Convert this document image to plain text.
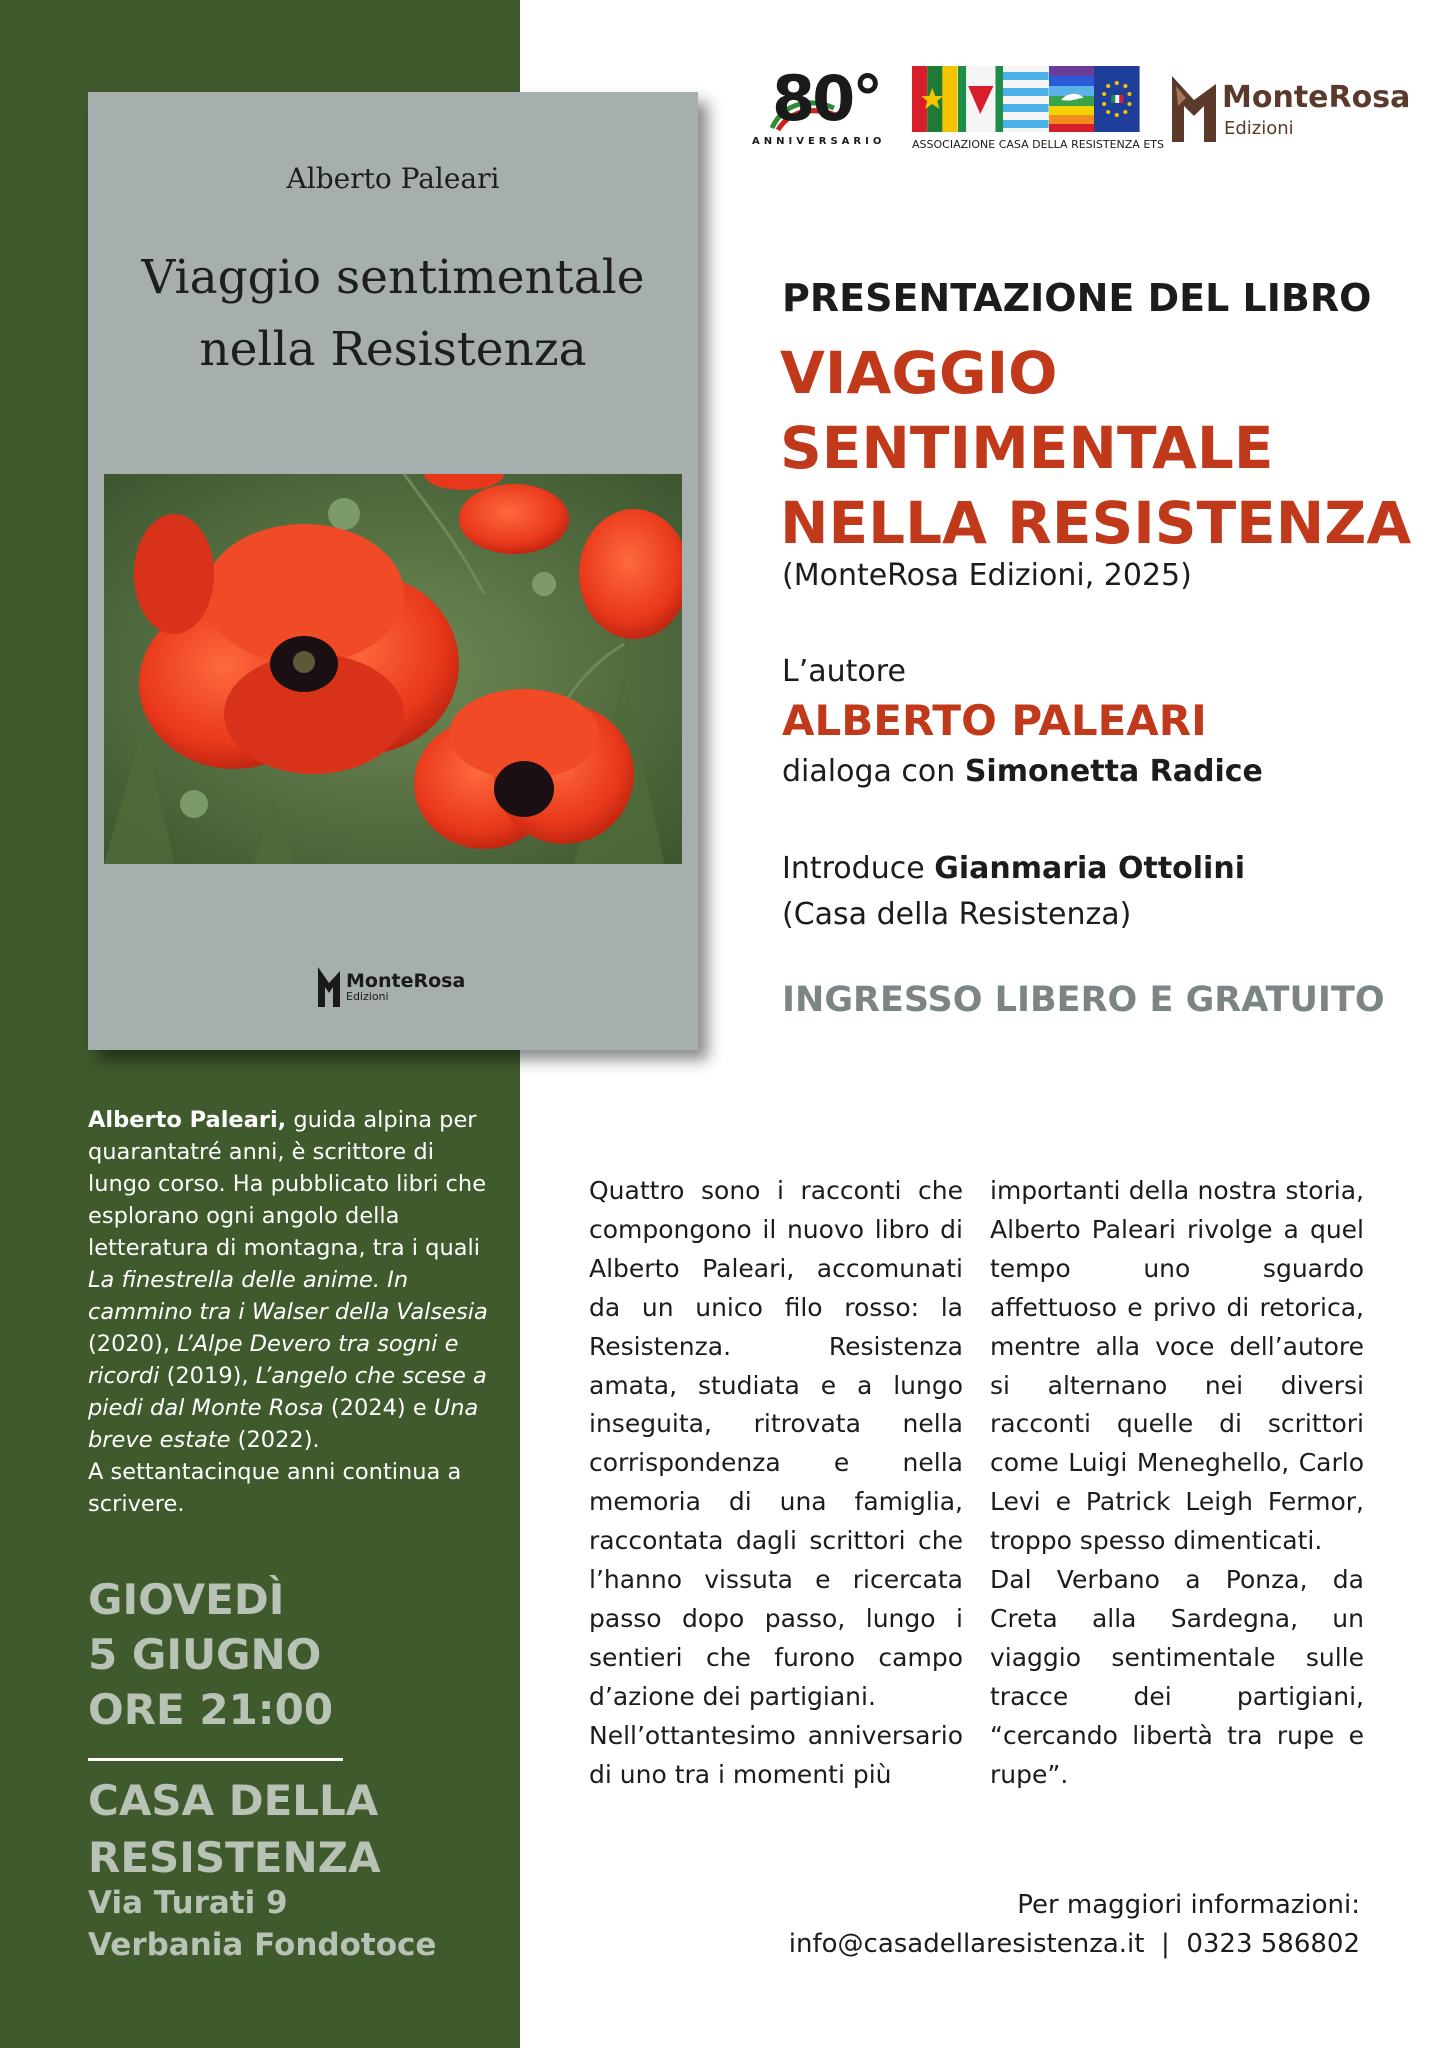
Alberto Paleari
Viaggio sentimentale
nella Resistenza
MonteRosa
Edizioni
80°
ANNIVERSARIO ASSOCIAZIONE CASA DELLA RESISTENZA ETS
MonteRosa
Edizioni
PRESENTAZIONE DEL LIBRO
VIAGGIO
SENTIMENTALE
NELLA RESISTENZA
(MonteRosa Edizioni, 2025)
L’autore
ALBERTO PALEARI
dialoga con Simonetta Radice
Introduce Gianmaria Ottolini
(Casa della Resistenza)
INGRESSO LIBERO E GRATUITO

Alberto Paleari, guida alpina per quarantatré anni, è scrittore di lungo corso. Ha pubblicato libri che esplorano ogni angolo della letteratura di montagna, tra i quali La finestrella delle anime. In cammino tra i Walser della Valsesia (2020), L’Alpe Devero tra sogni e ricordi (2019), L’angelo che scese a piedi dal Monte Rosa (2024) e Una breve estate (2022).

A settantacinque anni continua a scrivere.

GIOVEDÌ
5 GIUGNO
ORE 21:00
CASA DELLA
RESISTENZA
Via Turati 9
Verbania Fondotoce

Quattro sono i racconti che compongono il nuovo libro di Alberto Paleari, accomunati da un unico filo rosso: la Resistenza. Resistenza amata, studiata e a lungo inseguita, ritrovata nella corrispondenza e nella memoria di una famiglia, raccontata dagli scrittori che l’hanno vissuta e ricercata passo dopo passo, lungo i sentieri che furono campo d’azione dei partigiani.

Nell’ottantesimo anniversario di uno tra i momenti più

importanti della nostra storia, Alberto Paleari rivolge a quel tempo uno sguardo affettuoso e privo di retorica, mentre alla voce dell’autore si alternano nei diversi racconti quelle di scrittori come Luigi Meneghello, Carlo Levi e Patrick Leigh Fermor, troppo spesso dimenticati.

Dal Verbano a Ponza, da Creta alla Sardegna, un viaggio sentimentale sulle tracce dei partigiani, “cercando libertà tra rupe e rupe”.

Per maggiori informazioni:
info@casadellaresistenza.it | 0323 586802
